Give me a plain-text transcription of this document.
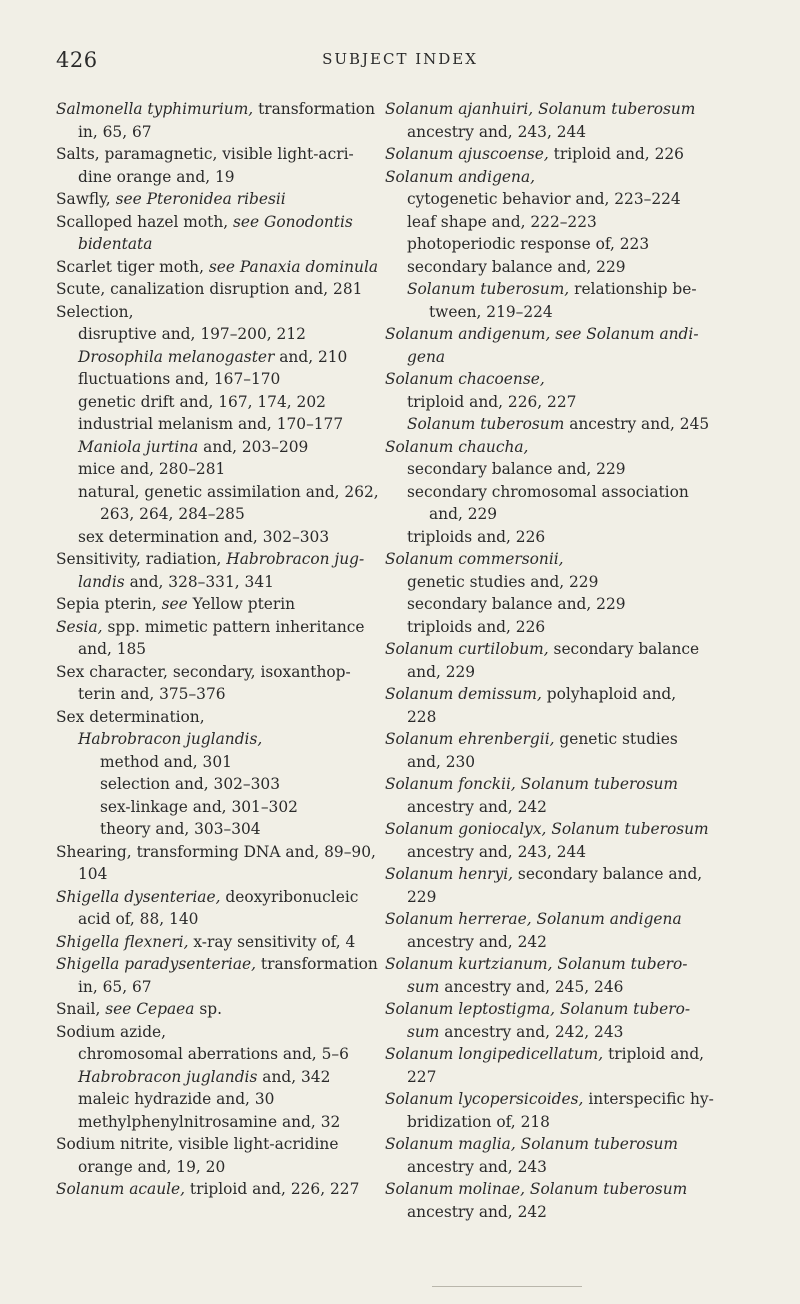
426	SUBJECT INDEX
Salmonella typhimurium, transformation
in, 65, 67
Salts, paramagnetic, visible light-acri-
dine orange and, 19
Sawfly, see Pteronidea ribesii
Scalloped hazel moth, see Gonodontis
bidentata
Scarlet tiger moth, see Panaxia dominula
Scute, canalization disruption and, 281
Selection,
disruptive and, 197–200, 212
Drosophila melanogaster and, 210
fluctuations and, 167–170
genetic drift and, 167, 174, 202
industrial melanism and, 170–177
Maniola jurtina and, 203–209
mice and, 280–281
natural, genetic assimilation and, 262,
263, 264, 284–285
sex determination and, 302–303
Sensitivity, radiation, Habrobracon jug-
landis and, 328–331, 341
Sepia pterin, see Yellow pterin
Sesia, spp. mimetic pattern inheritance
and, 185
Sex character, secondary, isoxanthop-
terin and, 375–376
Sex determination,
Habrobracon juglandis,
method and, 301
selection and, 302–303
sex-linkage and, 301–302
theory and, 303–304
Shearing, transforming DNA and, 89–90,
104
Shigella dysenteriae, deoxyribonucleic
acid of, 88, 140
Shigella flexneri, x-ray sensitivity of, 4
Shigella paradysenteriae, transformation
in, 65, 67
Snail, see Cepaea sp.
Sodium azide,
chromosomal aberrations and, 5–6
Habrobracon juglandis and, 342
maleic hydrazide and, 30
methylphenylnitrosamine and, 32
Sodium nitrite, visible light-acridine
orange and, 19, 20
Solanum acaule, triploid and, 226, 227
Solanum ajanhuiri, Solanum tuberosum
ancestry and, 243, 244
Solanum ajuscoense, triploid and, 226
Solanum andigena,
cytogenetic behavior and, 223–224
leaf shape and, 222–223
photoperiodic response of, 223
secondary balance and, 229
Solanum tuberosum, relationship be-
tween, 219–224
Solanum andigenum, see Solanum andi-
gena
Solanum chacoense,
triploid and, 226, 227
Solanum tuberosum ancestry and, 245
Solanum chaucha,
secondary balance and, 229
secondary chromosomal association
and, 229
triploids and, 226
Solanum commersonii,
genetic studies and, 229
secondary balance and, 229
triploids and, 226
Solanum curtilobum, secondary balance
and, 229
Solanum demissum, polyhaploid and,
228
Solanum ehrenbergii, genetic studies
and, 230
Solanum fonckii, Solanum tuberosum
ancestry and, 242
Solanum goniocalyx, Solanum tuberosum
ancestry and, 243, 244
Solanum henryi, secondary balance and,
229
Solanum herrerae, Solanum andigena
ancestry and, 242
Solanum kurtzianum, Solanum tubero-
sum ancestry and, 245, 246
Solanum leptostigma, Solanum tubero-
sum ancestry and, 242, 243
Solanum longipedicellatum, triploid and,
227
Solanum lycopersicoides, interspecific hy-
bridization of, 218
Solanum maglia, Solanum tuberosum
ancestry and, 243
Solanum molinae, Solanum tuberosum
ancestry and, 242
